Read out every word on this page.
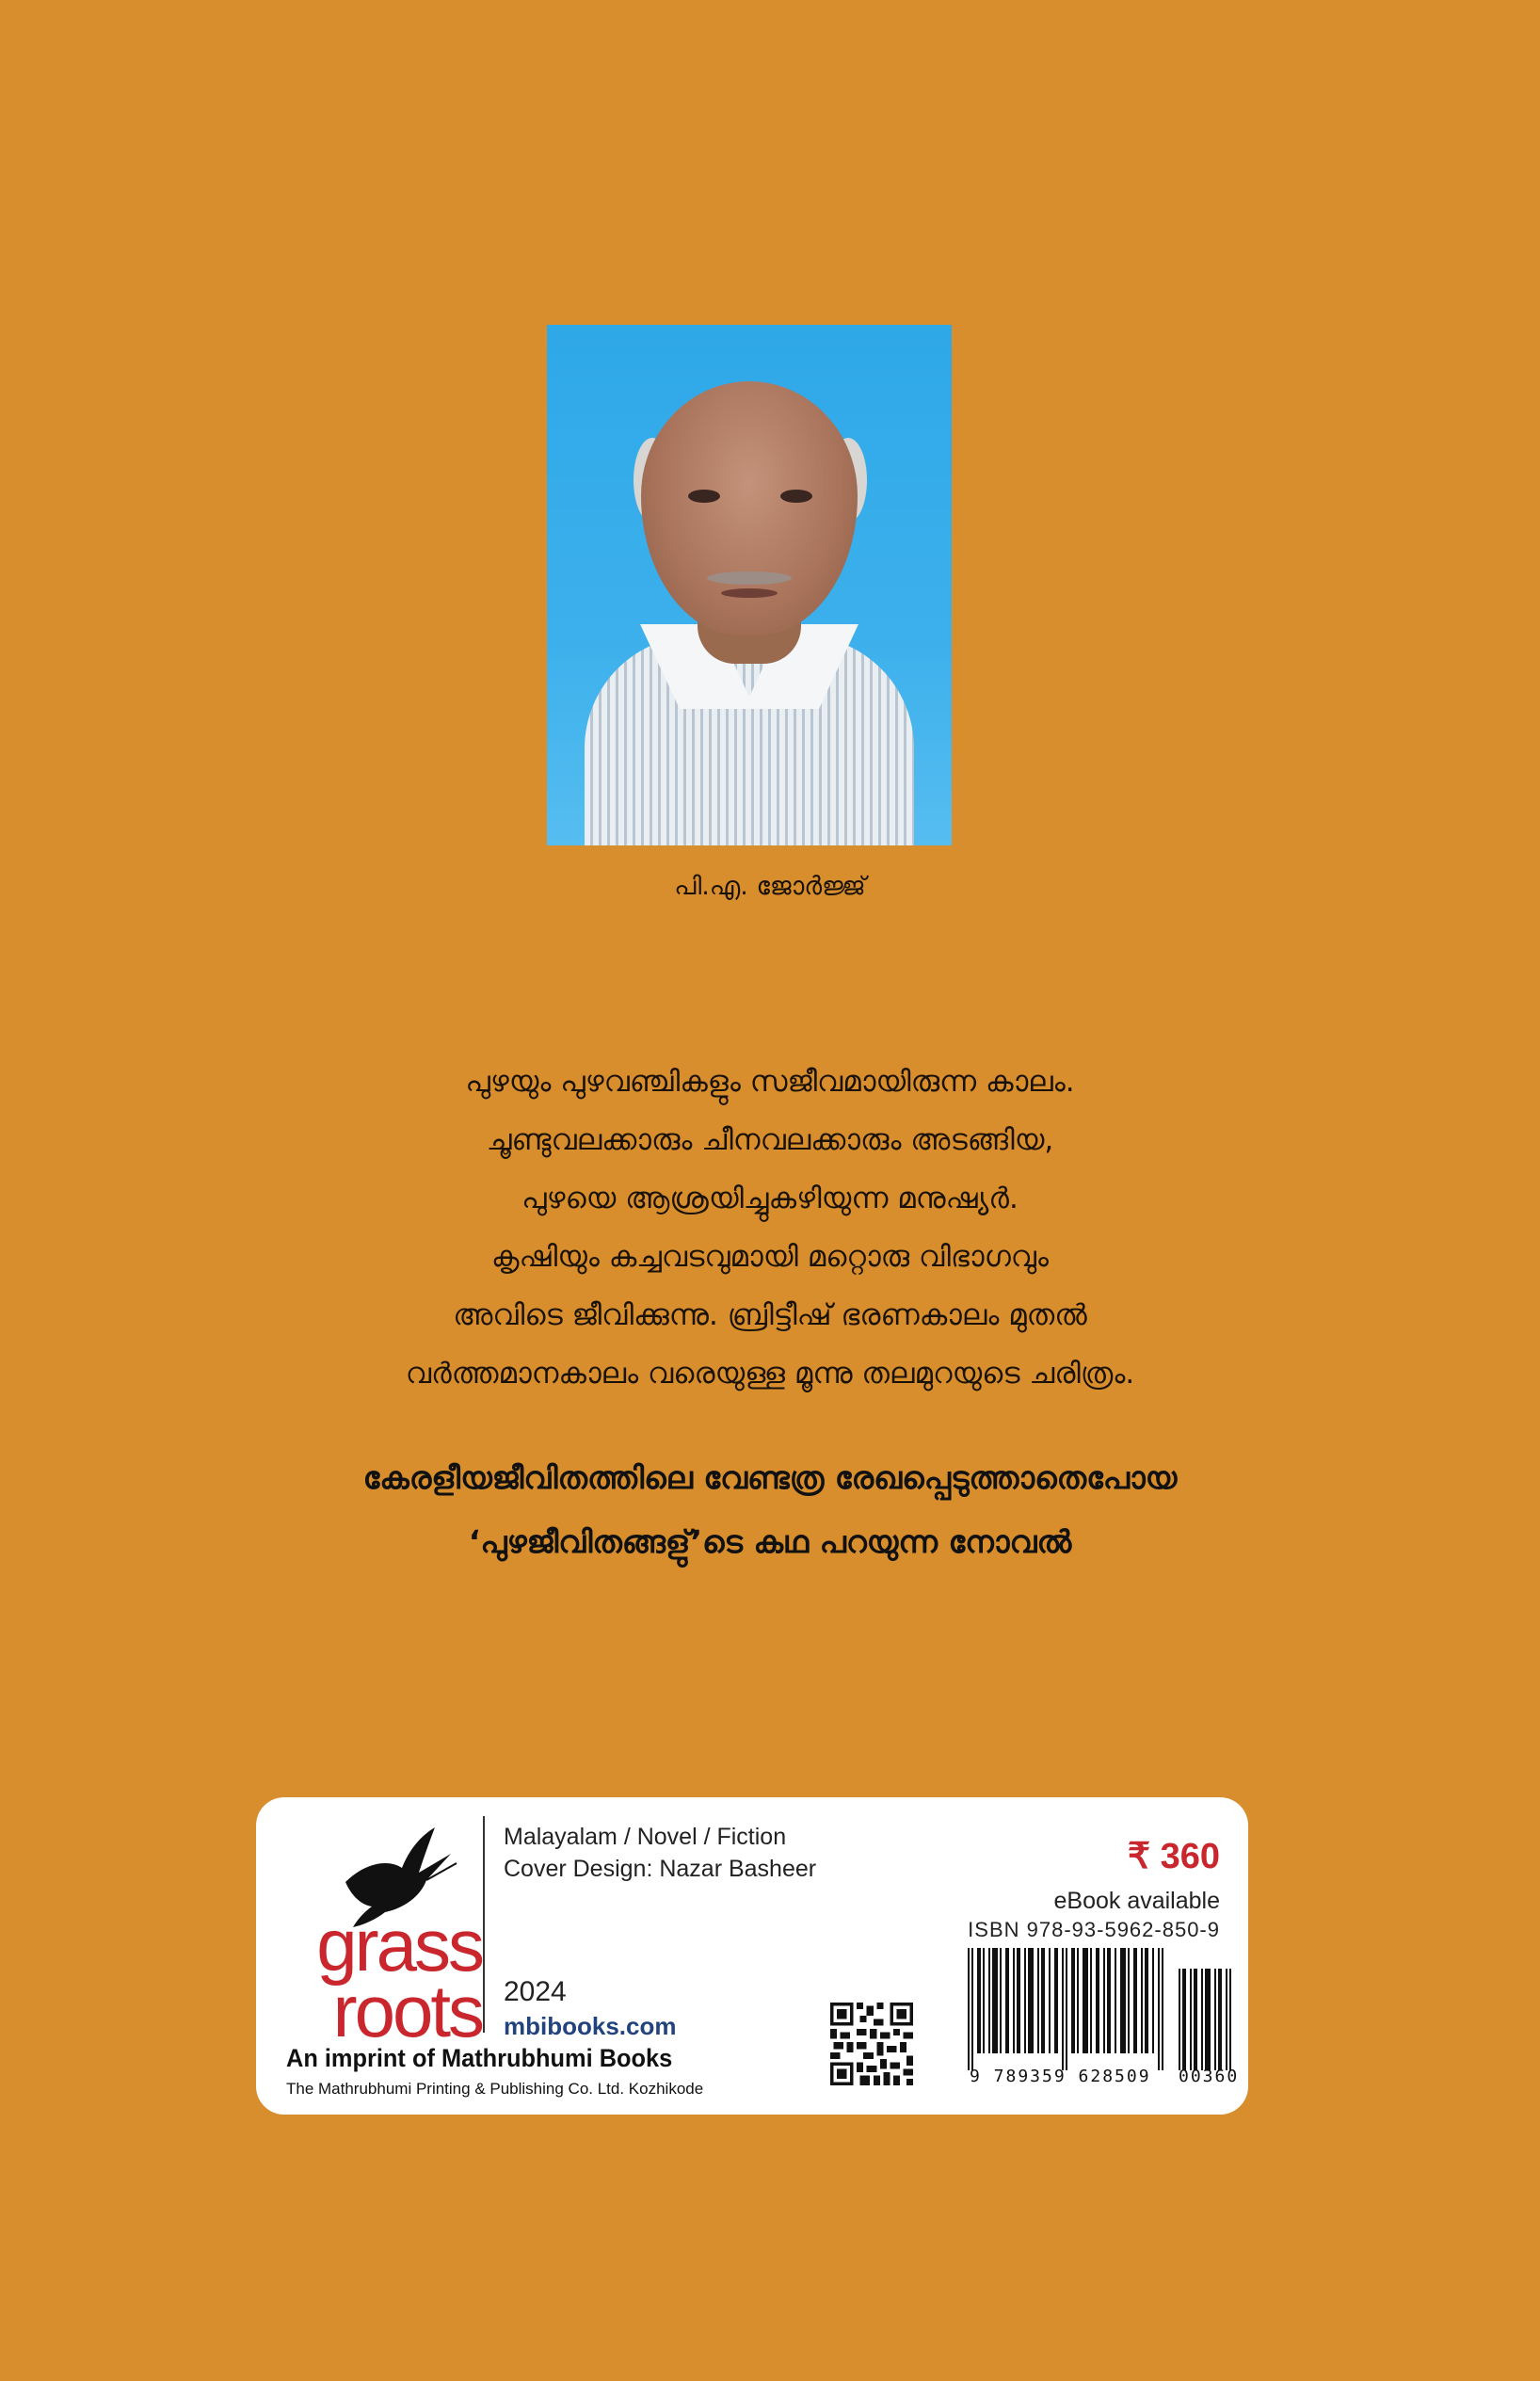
പി.എ. ജോർജ്ജ്
പുഴയും പുഴവഞ്ചികളും സജീവമായിരുന്ന കാലം.
ചൂണ്ടുവലക്കാരും ചീനവലക്കാരും അടങ്ങിയ,
പുഴയെ ആശ്രയിച്ചുകഴിയുന്ന മനുഷ്യർ.
കൃഷിയും കച്ചവടവുമായി മറ്റൊരു വിഭാഗവും
അവിടെ ജീവിക്കുന്നു. ബ്രിട്ടീഷ് ഭരണകാലം മുതൽ
വർത്തമാനകാലം വരെയുള്ള മൂന്നു തലമുറയുടെ ചരിത്രം.
കേരളീയജീവിതത്തിലെ വേണ്ടത്ര രേഖപ്പെടുത്താതെപോയ
‘പുഴജീവിതങ്ങളു്’ടെ കഥ പറയുന്ന നോവൽ
grass
roots
An imprint of Mathrubhumi Books
The Mathrubhumi Printing & Publishing Co. Ltd. Kozhikode
Malayalam / Novel / Fiction
Cover Design: Nazar Basheer
2024
mbibooks.com
₹ 360
eBook available
ISBN 978-93-5962-850-9
9 789359 628509 00360
